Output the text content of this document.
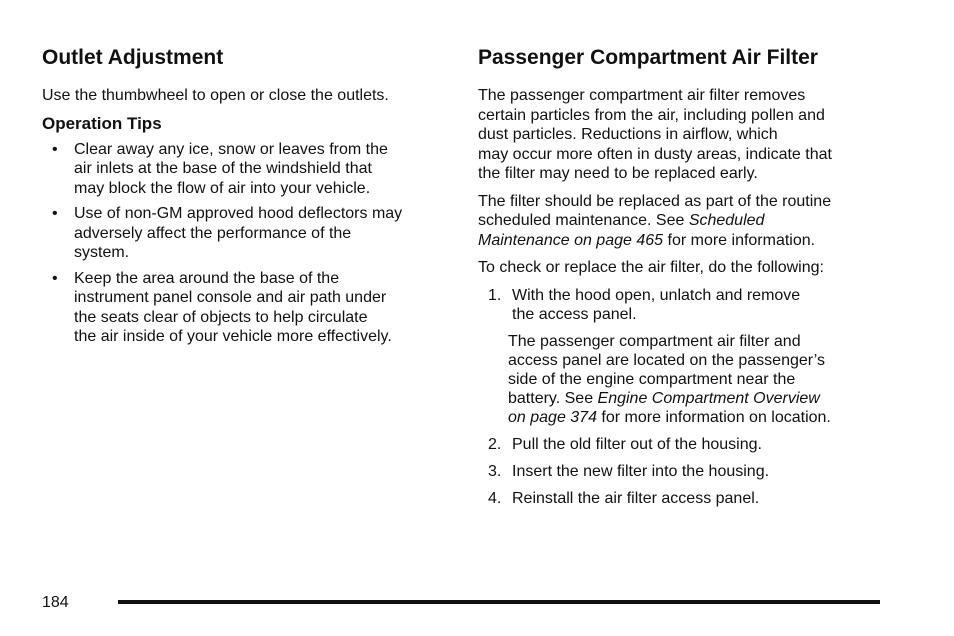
Outlet Adjustment

Use the thumbwheel to open or close the outlets.

Operation Tips
• Clear away any ice, snow or leaves from the
air inlets at the base of the windshield that
may block the flow of air into your vehicle.
• Use of non-GM approved hood deflectors may
adversely affect the performance of the
system.
• Keep the area around the base of the
instrument panel console and air path under
the seats clear of objects to help circulate
the air inside of your vehicle more effectively.
Passenger Compartment Air Filter

The passenger compartment air filter removes
certain particles from the air, including pollen and
dust particles. Reductions in airflow, which
may occur more often in dusty areas, indicate that
the filter may need to be replaced early.

The filter should be replaced as part of the routine
scheduled maintenance. See Scheduled
Maintenance on page 465 for more information.

To check or replace the air filter, do the following:

1. With the hood open, unlatch and remove
the access panel.
The passenger compartment air filter and
access panel are located on the passenger’s
side of the engine compartment near the
battery. See Engine Compartment Overview
on page 374 for more information on location.
2. Pull the old filter out of the housing.
3. Insert the new filter into the housing.
4. Reinstall the air filter access panel.
184
